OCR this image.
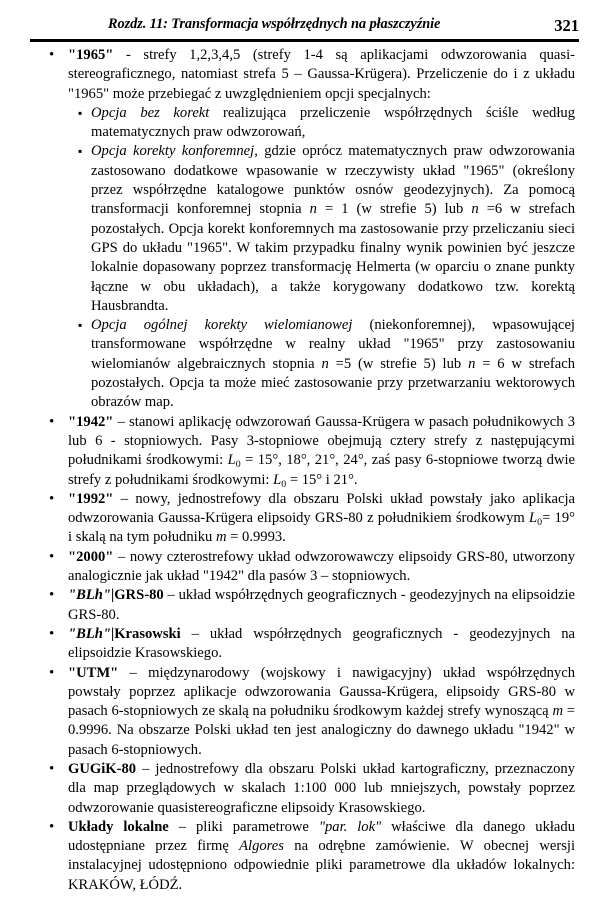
Rozdz. 11: Transformacja współrzędnych na płaszczyźnie	321
• "1965" - strefy 1,2,3,4,5 (strefy 1-4 są aplikacjami odwzorowania quasi-stereograficznego, natomiast strefa 5 – Gaussa-Krügera). Przeliczenie do i z układu "1965" może przebiegać z uwzględnieniem opcji specjalnych:

▪ Opcja bez korekt realizująca przeliczenie współrzędnych ściśle według matematycznych praw odwzorowań,

▪ Opcja korekty konforemnej, gdzie oprócz matematycznych praw odwzorowania zastosowano dodatkowe wpasowanie w rzeczywisty układ "1965" (określony przez współrzędne katalogowe punktów osnów geodezyjnych). Za pomocą transformacji konforemnej stopnia n = 1 (w strefie 5) lub n =6 w strefach pozostałych. Opcja korekt konforemnych ma zastosowanie przy przeliczaniu sieci GPS do układu "1965". W takim przypadku finalny wynik powinien być jeszcze lokalnie dopasowany poprzez transformację Helmerta (w oparciu o znane punkty łączne w obu układach), a także korygowany dodatkowo tzw. korektą Hausbrandta.

▪ Opcja ogólnej korekty wielomianowej (niekonforemnej), wpasowującej transformowane współrzędne w realny układ "1965" przy zastosowaniu wielomianów algebraicznych stopnia n =5 (w strefie 5) lub n = 6 w strefach pozostałych. Opcja ta może mieć zastosowanie przy przetwarzaniu wektorowych obrazów map.

• "1942" – stanowi aplikację odwzorowań Gaussa-Krügera w pasach południkowych 3 lub 6 - stopniowych. Pasy 3-stopniowe obejmują cztery strefy z następującymi południkami środkowymi: $L_0 = 15^\circ$, 18°, 21°, 24°, zaś pasy 6-stopniowe tworzą dwie strefy z południkami środkowymi: $L_0 = 15^\circ$ i 21°.

• "1992" – nowy, jednostrefowy dla obszaru Polski układ powstały jako aplikacja odwzorowania Gaussa-Krügera elipsoidy GRS-80 z południkiem środkowym $L_0= 19^\circ$ i skalą na tym południku m = 0.9993.

• "2000" – nowy czterostrefowy układ odwzorowawczy elipsoidy GRS-80, utworzony analogicznie jak układ "1942" dla pasów 3 – stopniowych.

• "BLh"|GRS-80 – układ współrzędnych geograficznych - geodezyjnych na elipsoidzie GRS-80.

• "BLh"|Krasowski – układ współrzędnych geograficznych - geodezyjnych na elipsoidzie Krasowskiego.

• "UTM" – międzynarodowy (wojskowy i nawigacyjny) układ współrzędnych powstały poprzez aplikacje odwzorowania Gaussa-Krügera, elipsoidy GRS-80 w pasach 6-stopniowych ze skalą na południku środkowym każdej strefy wynoszącą m = 0.9996. Na obszarze Polski układ ten jest analogiczny do dawnego układu "1942" w pasach 6-stopniowych.

• GUGiK-80 – jednostrefowy dla obszaru Polski układ kartograficzny, przeznaczony dla map przeglądowych w skalach 1:100 000 lub mniejszych, powstały poprzez odwzorowanie quasistereograficzne elipsoidy Krasowskiego.

• Układy lokalne – pliki parametrowe "par. lok" właściwe dla danego układu udostępniane przez firmę Algores na odrębne zamówienie. W obecnej wersji instalacyjnej udostępniono odpowiednie pliki parametrowe dla układów lokalnych: KRAKÓW, ŁÓDŹ.
